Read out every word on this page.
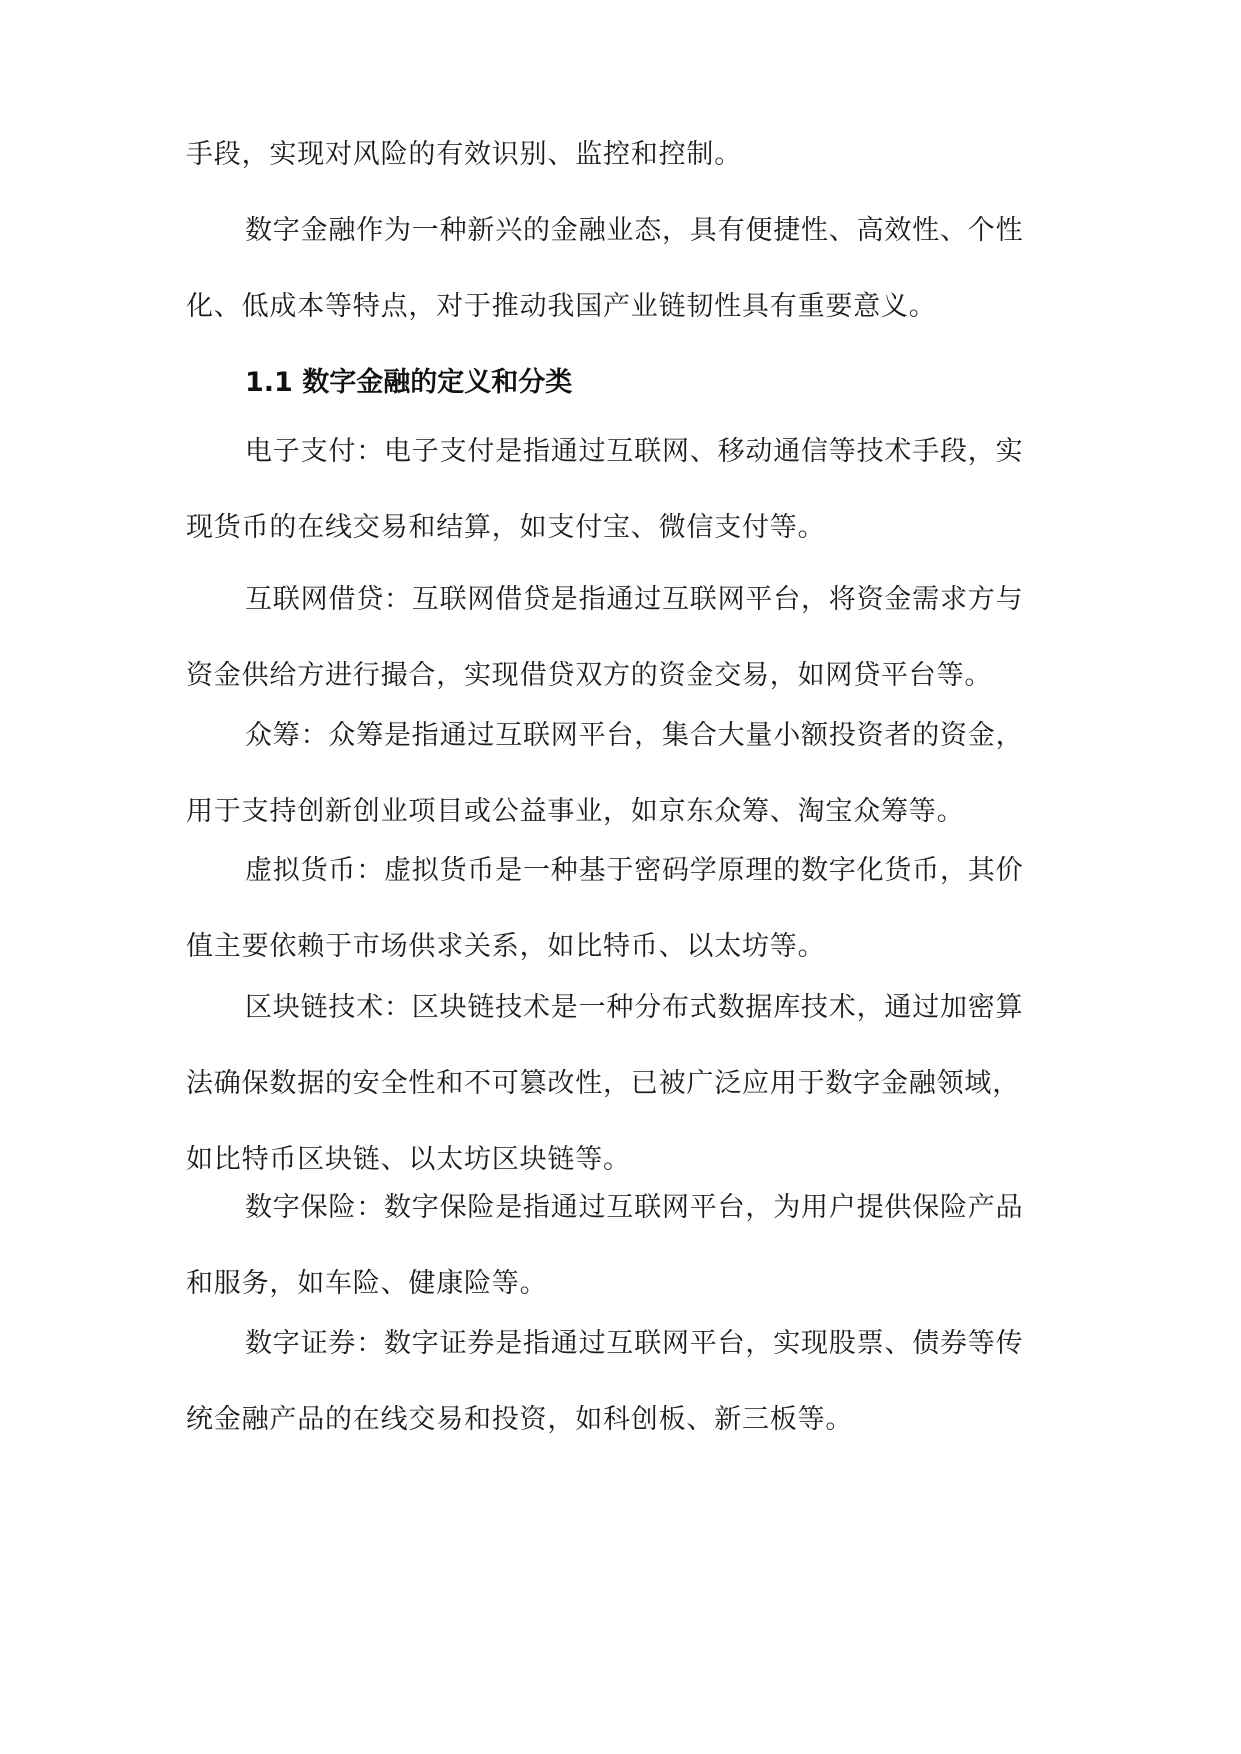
手段，实现对风险的有效识别、监控和控制。
数字金融作为一种新兴的金融业态，具有便捷性、高效性、个性
化、低成本等特点，对于推动我国产业链韧性具有重要意义。
1.1 数字金融的定义和分类
电子支付：电子支付是指通过互联网、移动通信等技术手段，实
现货币的在线交易和结算，如支付宝、微信支付等。
互联网借贷：互联网借贷是指通过互联网平台，将资金需求方与
资金供给方进行撮合，实现借贷双方的资金交易，如网贷平台等。
众筹：众筹是指通过互联网平台，集合大量小额投资者的资金，
用于支持创新创业项目或公益事业，如京东众筹、淘宝众筹等。
虚拟货币：虚拟货币是一种基于密码学原理的数字化货币，其价
值主要依赖于市场供求关系，如比特币、以太坊等。
区块链技术：区块链技术是一种分布式数据库技术，通过加密算
法确保数据的安全性和不可篡改性，已被广泛应用于数字金融领域，
如比特币区块链、以太坊区块链等。
数字保险：数字保险是指通过互联网平台，为用户提供保险产品
和服务，如车险、健康险等。
数字证券：数字证券是指通过互联网平台，实现股票、债券等传
统金融产品的在线交易和投资，如科创板、新三板等。
